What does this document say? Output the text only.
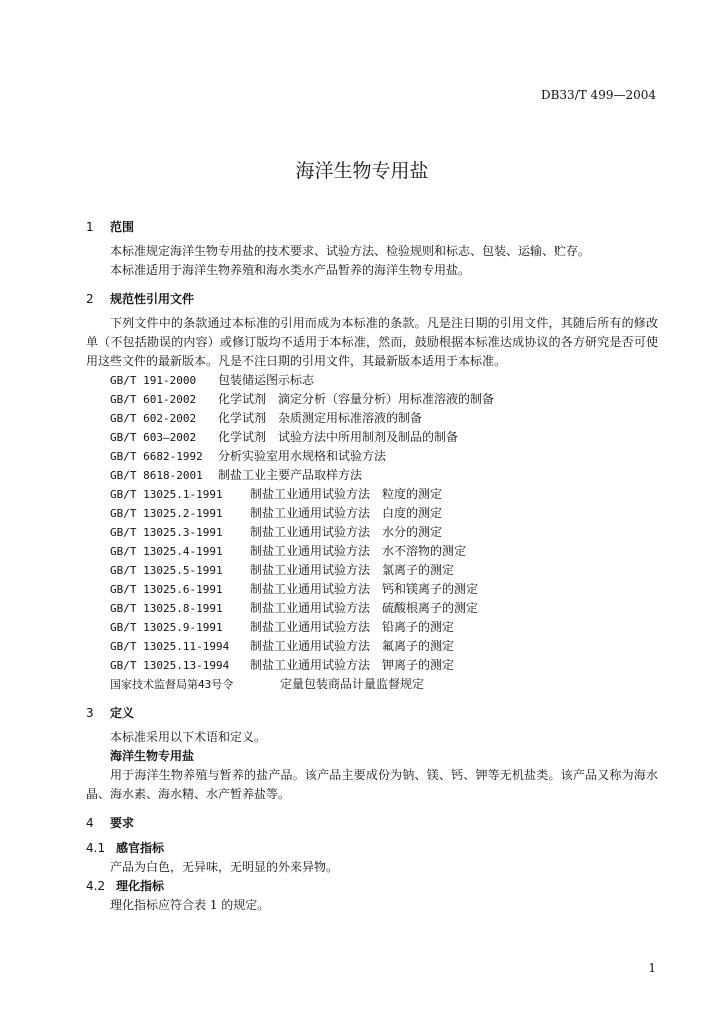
DB33/T 499—2004
海洋生物专用盐

1 范围

本标准规定海洋生物专用盐的技术要求、试验方法、检验规则和标志、包装、运输、贮存。

本标准适用于海洋生物养殖和海水类水产品暂养的海洋生物专用盐。

2 规范性引用文件

下列文件中的条款通过本标准的引用而成为本标准的条款。凡是注日期的引用文件，其随后所有的修改单（不包括勘误的内容）或修订版均不适用于本标准，然而，鼓励根据本标准达成协议的各方研究是否可使用这些文件的最新版本。凡是不注日期的引用文件，其最新版本适用于本标准。

GB/T 191-2000 包装储运图示标志

GB/T 601-2002 化学试剂　滴定分析（容量分析）用标准溶液的制备

GB/T 602-2002 化学试剂　杂质测定用标准溶液的制备

GB/T 603—2002 化学试剂　试验方法中所用制剂及制品的制备

GB/T 6682-1992 分析实验室用水规格和试验方法

GB/T 8618-2001 制盐工业主要产品取样方法

GB/T 13025.1-1991 制盐工业通用试验方法　粒度的测定

GB/T 13025.2-1991 制盐工业通用试验方法　白度的测定

GB/T 13025.3-1991 制盐工业通用试验方法　水分的测定

GB/T 13025.4-1991 制盐工业通用试验方法　水不溶物的测定

GB/T 13025.5-1991 制盐工业通用试验方法　氯离子的测定

GB/T 13025.6-1991 制盐工业通用试验方法　钙和镁离子的测定

GB/T 13025.8-1991 制盐工业通用试验方法　硫酸根离子的测定

GB/T 13025.9-1991 制盐工业通用试验方法　铅离子的测定

GB/T 13025.11-1994 制盐工业通用试验方法　氟离子的测定

GB/T 13025.13-1994 制盐工业通用试验方法　钾离子的测定

国家技术监督局第43号令	定量包装商品计量监督规定

3 定义

本标准采用以下术语和定义。

海洋生物专用盐

用于海洋生物养殖与暂养的盐产品。该产品主要成份为钠、镁、钙、钾等无机盐类。该产品又称为海水晶、海水素、海水精、水产暂养盐等。

4 要求

4.1 感官指标

产品为白色，无异味，无明显的外来异物。

4.2 理化指标

理化指标应符合表 1 的规定。

1
